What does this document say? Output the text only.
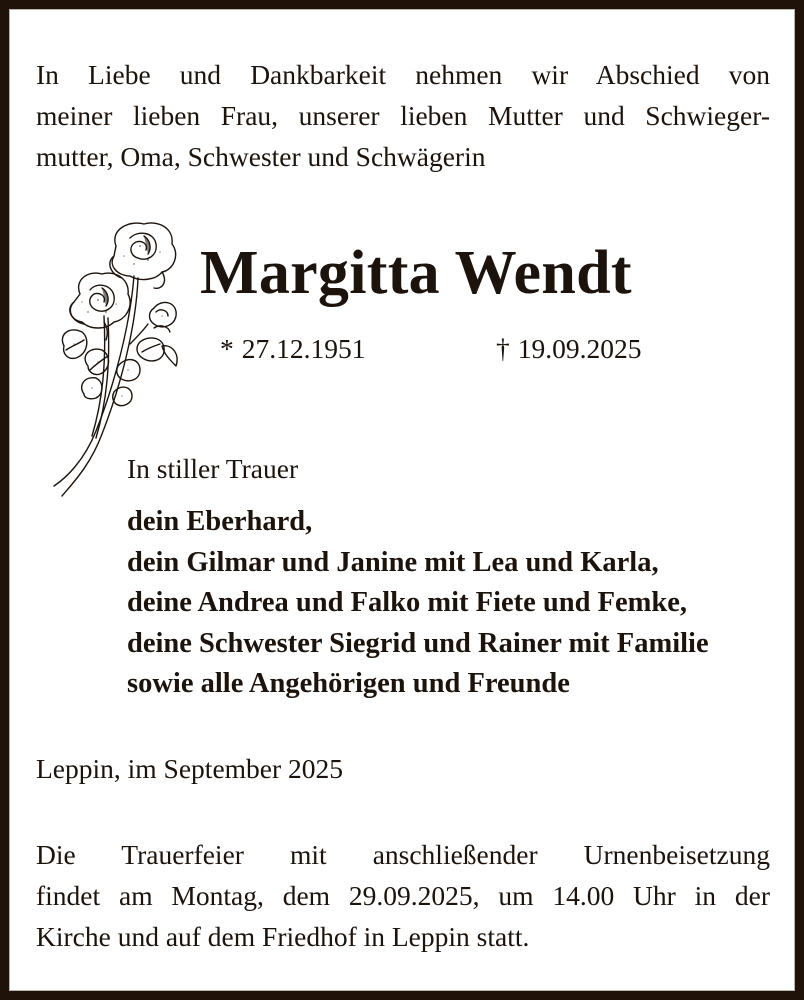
In Liebe und Dankbarkeit nehmen wir Abschied von
meiner lieben Frau, unserer lieben Mutter und Schwieger-
mutter, Oma, Schwester und Schwägerin
Margitta Wendt
* 27.12.1951	† 19.09.2025
In stiller Trauer
dein Eberhard,
dein Gilmar und Janine mit Lea und Karla,
deine Andrea und Falko mit Fiete und Femke,
deine Schwester Siegrid und Rainer mit Familie
sowie alle Angehörigen und Freunde
Leppin, im September 2025
Die Trauerfeier mit anschließender Urnenbeisetzung
findet am Montag, dem 29.09.2025, um 14.00 Uhr in der
Kirche und auf dem Friedhof in Leppin statt.
